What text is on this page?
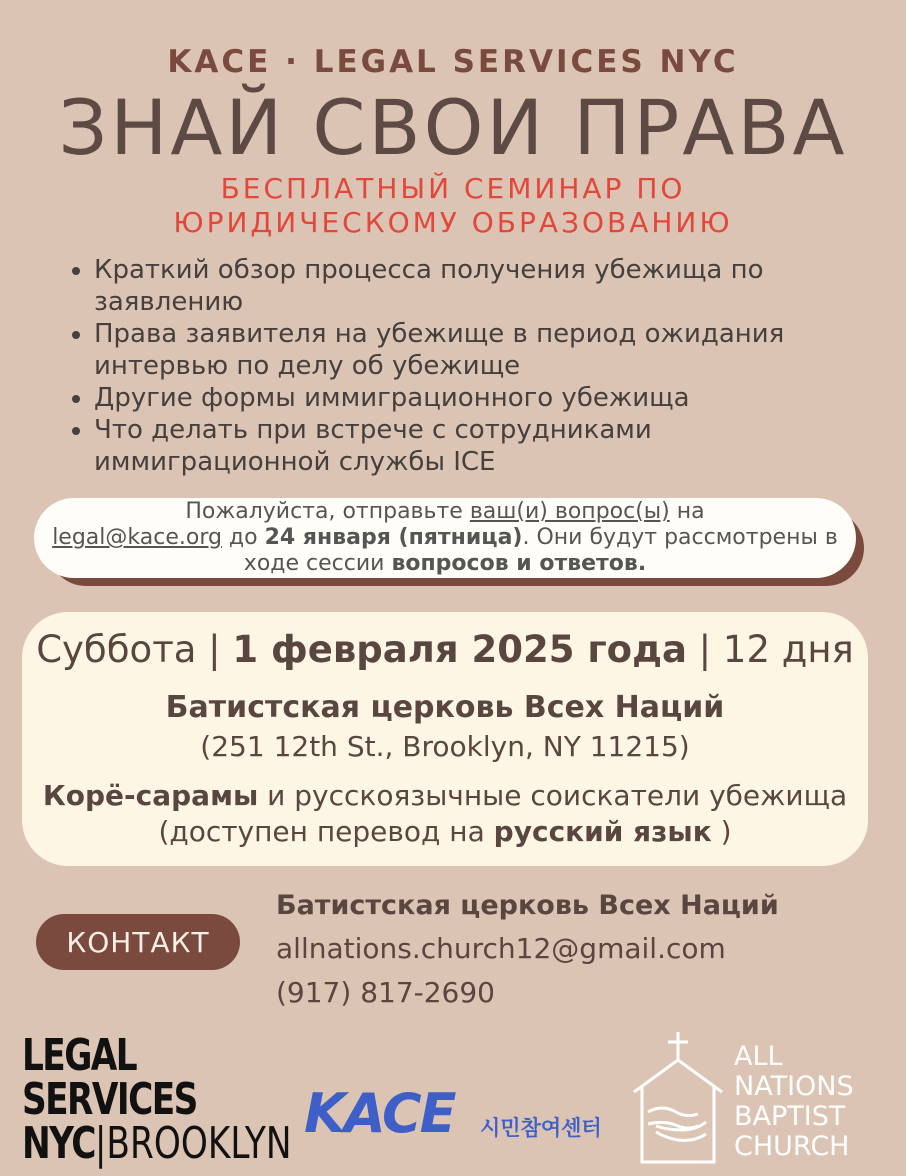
KACE · LEGAL SERVICES NYC
ЗНАЙ СВОИ ПРАВА
БЕСПЛАТНЫЙ СЕМИНАР ПО
ЮРИДИЧЕСКОМУ ОБРАЗОВАНИЮ
• Краткий обзор процесса получения убежища по заявлению
• Права заявителя на убежище в период ожидания интервью по делу об убежище
• Другие формы иммиграционного убежища
• Что делать при встрече с сотрудниками иммиграционной службы ICE
Пожалуйста, отправьте ваш(и) вопрос(ы) на
legal@kace.org до 24 января (пятница). Они будут рассмотрены в ходе сессии вопросов и ответов.
Суббота | 1 февраля 2025 года | 12 дня
Батистская церковь Всех Наций
(251 12th St., Brooklyn, NY 11215)
Корё-сарамы и русскоязычные соискатели убежища (доступен перевод на русский язык )
КОНТАКТ
Батистская церковь Всех Наций
allnations.church12@gmail.com
(917) 817-2690
LEGAL
SERVICES
NYC|BROOKLYN KACE 시민참여센터
ALL
NATIONS
BAPTIST
CHURCH
